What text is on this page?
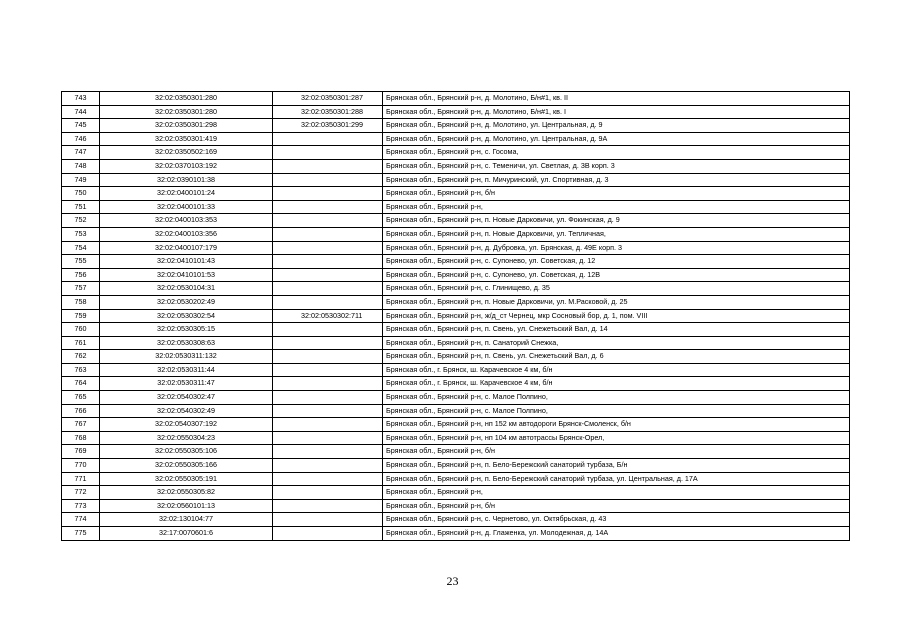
743	32:02:0350301:280	32:02:0350301:287	Брянская обл., Брянский р-н, д. Молотино, Б/н#1, кв. II
744	32:02:0350301:280	32:02:0350301:288	Брянская обл., Брянский р-н, д. Молотино, Б/н#1, кв. I
745	32:02:0350301:298	32:02:0350301:299	Брянская обл., Брянский р-н, д. Молотино, ул. Центральная, д. 9
746	32:02:0350301:419		Брянская обл., Брянский р-н, д. Молотино, ул. Центральная, д. 9А
747	32:02:0350502:169		Брянская обл., Брянский р-н, с. Госома,
748	32:02:0370103:192		Брянская обл., Брянский р-н, с. Теменичи, ул. Светлая, д. 3В корп. 3
749	32:02:0390101:38		Брянская обл., Брянский р-н, п. Мичуринский, ул. Спортивная, д. 3
750	32:02:0400101:24		Брянская обл., Брянский р-н, б/н
751	32:02:0400101:33		Брянская обл., Брянский р-н,
752	32:02:0400103:353		Брянская обл., Брянский р-н, п. Новые Дарковичи, ул. Фокинская, д. 9
753	32:02:0400103:356		Брянская обл., Брянский р-н, п. Новые Дарковичи, ул. Тепличная,
754	32:02:0400107:179		Брянская обл., Брянский р-н, д. Дубровка, ул. Брянская, д. 49Е корп. 3
755	32:02:0410101:43		Брянская обл., Брянский р-н, с. Супонево, ул. Советская, д. 12
756	32:02:0410101:53		Брянская обл., Брянский р-н, с. Супонево, ул. Советская, д. 12В
757	32:02:0530104:31		Брянская обл., Брянский р-н, с. Глинищево, д. 35
758	32:02:0530202:49		Брянская обл., Брянский р-н, п. Новые Дарковичи, ул. М.Расковой, д. 25
759	32:02:0530302:54	32:02:0530302:711	Брянская обл., Брянский р-н, ж/д_ст Чернец, мкр Сосновый бор, д. 1, пом. VIII
760	32:02:0530305:15		Брянская обл., Брянский р-н, п. Свень, ул. Снежетьский Вал, д. 14
761	32:02:0530308:63		Брянская обл., Брянский р-н, п. Санаторий Снежка,
762	32:02:0530311:132		Брянская обл., Брянский р-н, п. Свень, ул. Снежетьский Вал, д. 6
763	32:02:0530311:44		Брянская обл., г. Брянск, ш. Карачевское 4 км, б/н
764	32:02:0530311:47		Брянская обл., г. Брянск, ш. Карачевское 4 км, б/н
765	32:02:0540302:47		Брянская обл., Брянский р-н, с. Малое Полпино,
766	32:02:0540302:49		Брянская обл., Брянский р-н, с. Малое Полпино,
767	32:02:0540307:192		Брянская обл., Брянский р-н, нп 152 км автодороги Брянск-Смоленск, б/н
768	32:02:0550304:23		Брянская обл., Брянский р-н, нп 104 км автотрассы Брянск-Орел,
769	32:02:0550305:106		Брянская обл., Брянский р-н, б/н
770	32:02:0550305:166		Брянская обл., Брянский р-н, п. Бело-Бережский санаторий турбаза, Б/н
771	32:02:0550305:191		Брянская обл., Брянский р-н, п. Бело-Бережский санаторий турбаза, ул. Центральная, д. 17А
772	32:02:0550305:82		Брянская обл., Брянский р-н,
773	32:02:0560101:13		Брянская обл., Брянский р-н, б/н
774	32:02:130104:77		Брянская обл., Брянский р-н, с. Чернетово, ул. Октябрьская, д. 43
775	32:17:0070601:6		Брянская обл., Брянский р-н, д. Глаженка, ул. Молодежная, д. 14А
23
